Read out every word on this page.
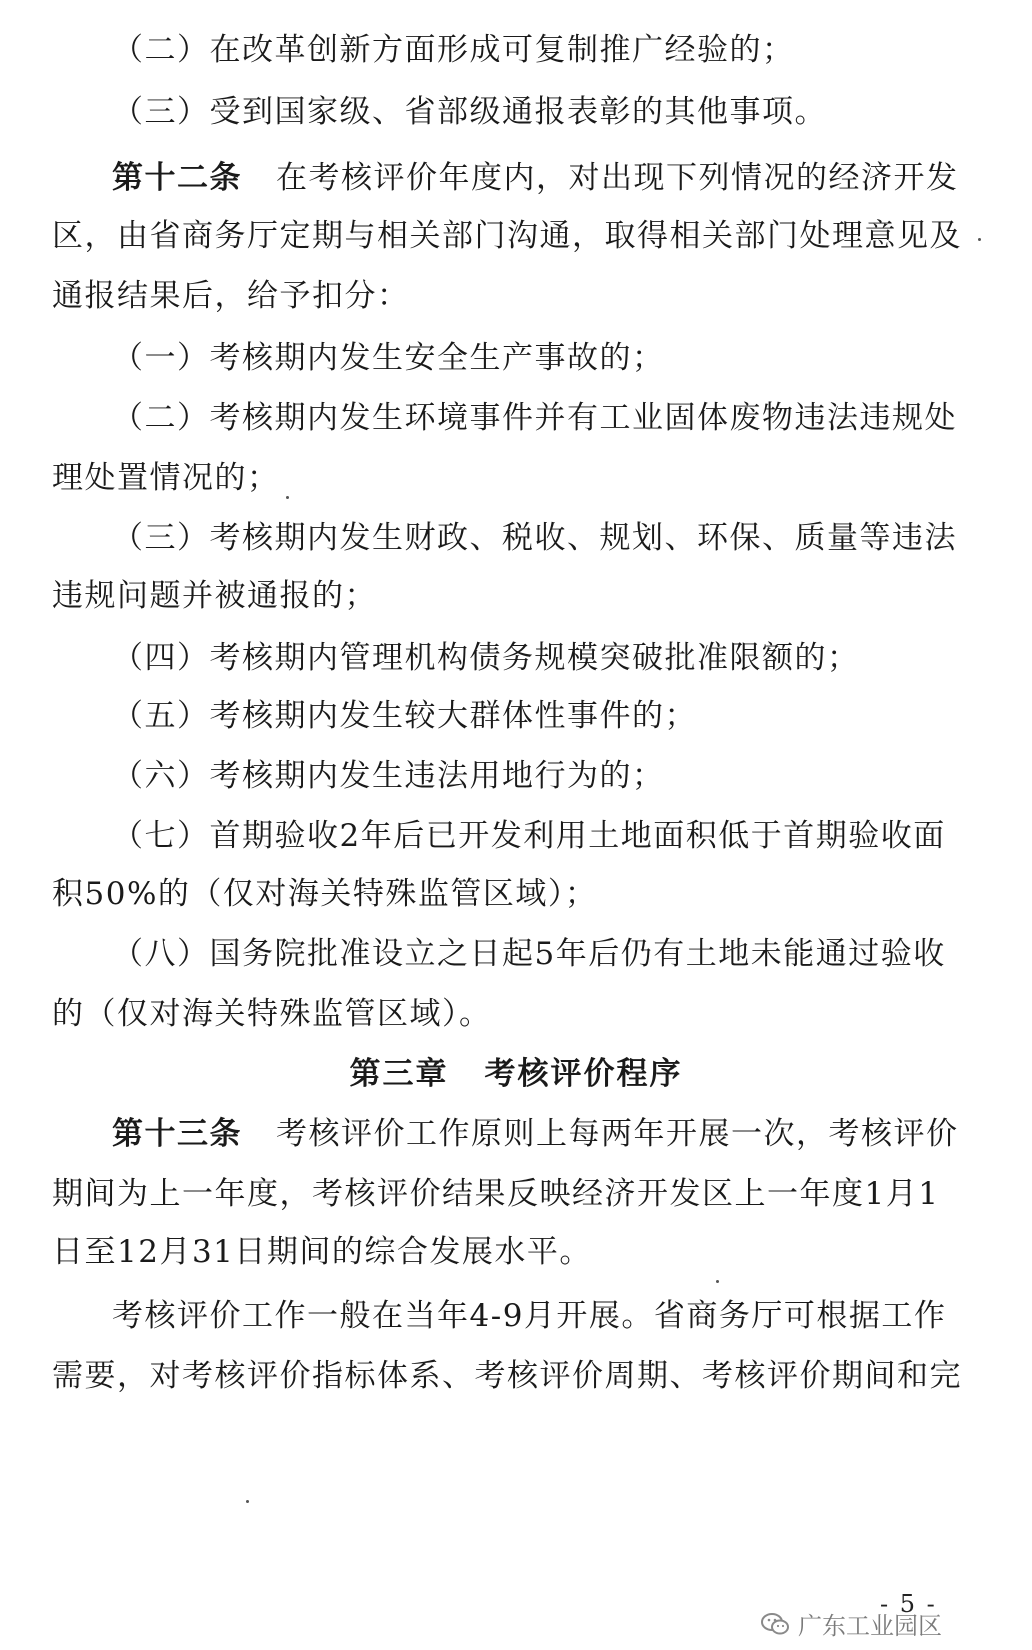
（二）在改革创新方面形成可复制推广经验的；
（三）受到国家级、省部级通报表彰的其他事项。
第十二条 在考核评价年度内，对出现下列情况的经济开发
区，由省商务厅定期与相关部门沟通，取得相关部门处理意见及
通报结果后，给予扣分：
（一）考核期内发生安全生产事故的；
（二）考核期内发生环境事件并有工业固体废物违法违规处
理处置情况的；
（三）考核期内发生财政、税收、规划、环保、质量等违法
违规问题并被通报的；
（四）考核期内管理机构债务规模突破批准限额的；
（五）考核期内发生较大群体性事件的；
（六）考核期内发生违法用地行为的；
（七）首期验收2年后已开发利用土地面积低于首期验收面
积50%的（仅对海关特殊监管区域）；
（八）国务院批准设立之日起5年后仍有土地未能通过验收
的（仅对海关特殊监管区域）。
第三章 考核评价程序
第十三条 考核评价工作原则上每两年开展一次，考核评价
期间为上一年度，考核评价结果反映经济开发区上一年度1月1
日至12月31日期间的综合发展水平。
考核评价工作一般在当年4-9月开展。省商务厅可根据工作
需要，对考核评价指标体系、考核评价周期、考核评价期间和完
- 5 -
广东工业园区
